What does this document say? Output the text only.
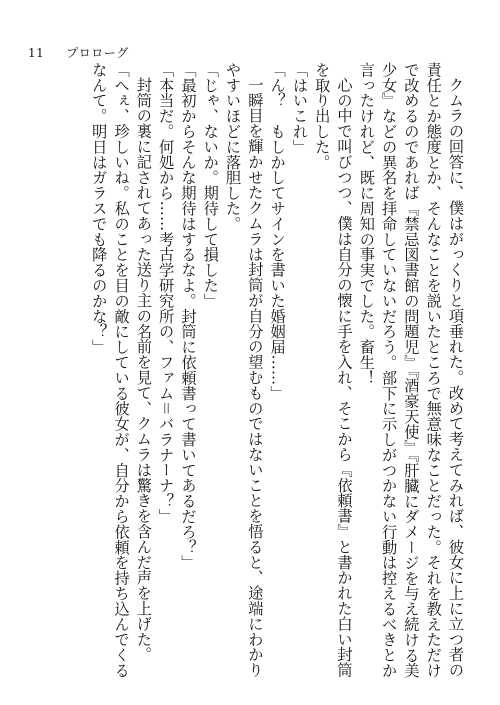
11 プロローグ

クムラの回答に、僕はがっくりと項垂れた。改めて考えてみれば、彼女に上に立つ者の責任とか態度とか、そんなことを説いたところで無意味なことだった。それを教えただけで改めるのであれば『禁忌図書館の問題児』『酒豪天使』『肝臓にダメージを与え続ける美少女』などの異名を拝命していないだろう。部下に示しがつかない行動は控えるべきとか言ったけれど、既に周知の事実でした。畜生！

心の中で叫びつつ、僕は自分の懐に手を入れ、そこから『依頼書』と書かれた白い封筒を取り出した。

「はいこれ」

「ん？　もしかしてサインを書いた婚姻届……」

一瞬目を輝かせたクムラは封筒が自分の望むものではないことを悟ると、途端にわかりやすいほどに落胆した。

「じゃ、ないか。期待して損した」

「最初からそんな期待はするなよ。封筒に依頼書って書いてあるだろ？」

「本当だ。何処から……考古学研究所の、ファム＝バラナーナ？」

封筒の裏に記されてあった送り主の名前を見て、クムラは驚きを含んだ声を上げた。

「へぇ、珍しいね。私のことを目の敵にしている彼女が、自分から依頼を持ち込んでくるなんて。明日はガラスでも降るのかな？」
